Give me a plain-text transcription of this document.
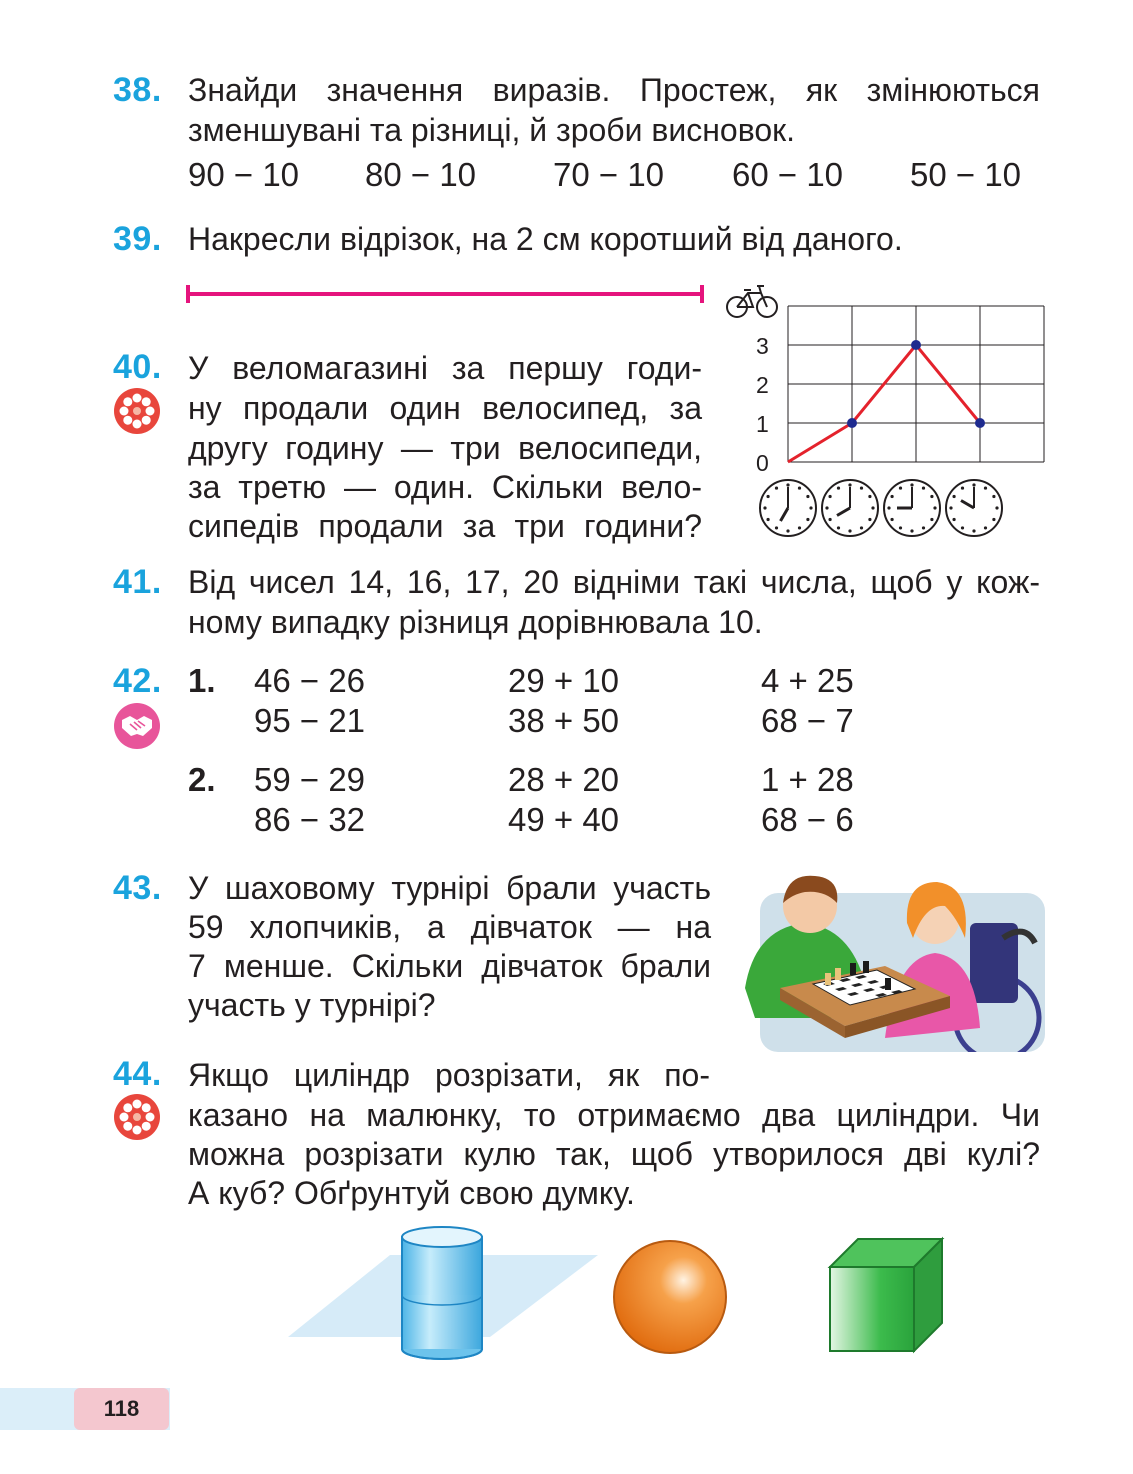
38. Знайди значення виразів. Простеж, як змінюються
зменшувані та різниці, й зроби висновок.
90 − 10 80 − 10 70 − 10 60 − 10 50 − 10
39. Накресли відрізок, на 2 см коротший від даного.
40. У веломагазині за першу годи-
ну продали один велосипед, за
другу годину — три велосипеди,
за третю — один. Скільки вело-
сипедів продали за три години?
0
1
2
3
41. Від чисел 14, 16, 17, 20 відніми такі числа, щоб у кож-
ному випадку різниця дорівнювала 10.
42. 1. 46 − 26
95 − 21
29 + 10
38 + 50
4 + 25
68 − 7
2. 59 − 29
86 − 32
28 + 20
49 + 40
1 + 28
68 − 6
43. У шаховому турнірі брали участь
59 хлопчиків, а дівчаток — на
7 менше. Скільки дівчаток брали
участь у турнірі?
44. Якщо циліндр розрізати, як по-
казано на малюнку, то отримаємо два циліндри. Чи
можна розрізати кулю так, щоб утворилося дві кулі?
А куб? Обґрунтуй свою думку.
118
